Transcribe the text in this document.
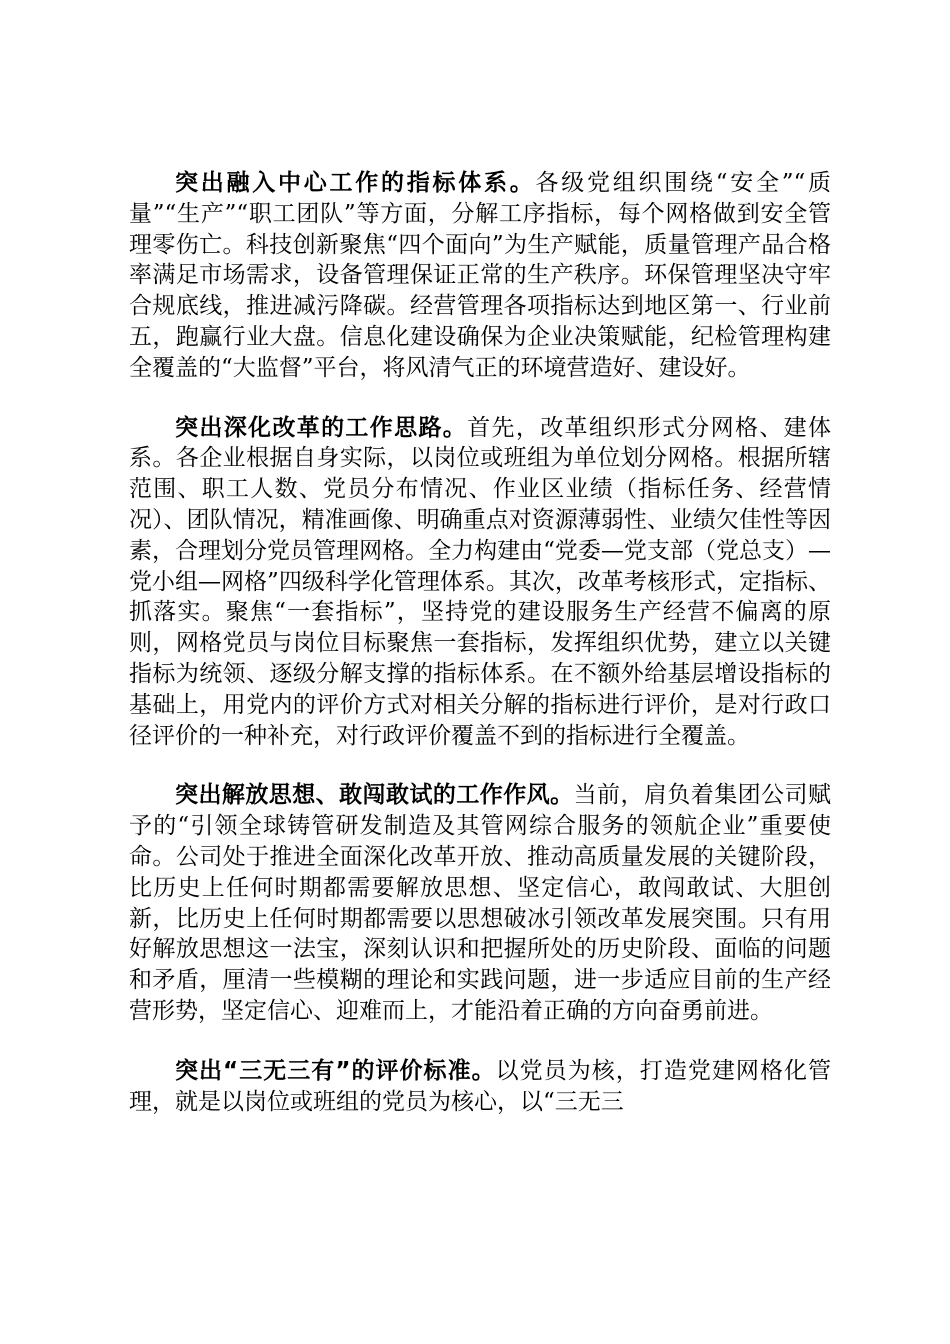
突出融入中心工作的指标体系。各级党组织围绕“安全”“质量”“生产”“职工团队”等方面，分解工序指标，每个网格做到安全管理零伤亡。科技创新聚焦“四个面向”为生产赋能，质量管理产品合格率满足市场需求，设备管理保证正常的生产秩序。环保管理坚决守牢合规底线，推进减污降碳。经营管理各项指标达到地区第一、行业前五，跑赢行业大盘。信息化建设确保为企业决策赋能，纪检管理构建全覆盖的“大监督”平台，将风清气正的环境营造好、建设好。

突出深化改革的工作思路。首先，改革组织形式分网格、建体系。各企业根据自身实际，以岗位或班组为单位划分网格。根据所辖范围、职工人数、党员分布情况、作业区业绩（指标任务、经营情况）、团队情况，精准画像、明确重点对资源薄弱性、业绩欠佳性等因素，合理划分党员管理网格。全力构建由“党委—党支部（党总支）—党小组—网格”四级科学化管理体系。其次，改革考核形式，定指标、抓落实。聚焦“一套指标”，坚持党的建设服务生产经营不偏离的原则，网格党员与岗位目标聚焦一套指标，发挥组织优势，建立以关键指标为统领、逐级分解支撑的指标体系。在不额外给基层增设指标的基础上，用党内的评价方式对相关分解的指标进行评价，是对行政口径评价的一种补充，对行政评价覆盖不到的指标进行全覆盖。

突出解放思想、敢闯敢试的工作作风。当前，肩负着集团公司赋予的“引领全球铸管研发制造及其管网综合服务的领航企业”重要使命。公司处于推进全面深化改革开放、推动高质量发展的关键阶段，比历史上任何时期都需要解放思想、坚定信心，敢闯敢试、大胆创新，比历史上任何时期都需要以思想破冰引领改革发展突围。只有用好解放思想这一法宝，深刻认识和把握所处的历史阶段、面临的问题和矛盾，厘清一些模糊的理论和实践问题，进一步适应目前的生产经营形势，坚定信心、迎难而上，才能沿着正确的方向奋勇前进。

突出“三无三有”的评价标准。以党员为核，打造党建网格化管理，就是以岗位或班组的党员为核心，以“三无三
